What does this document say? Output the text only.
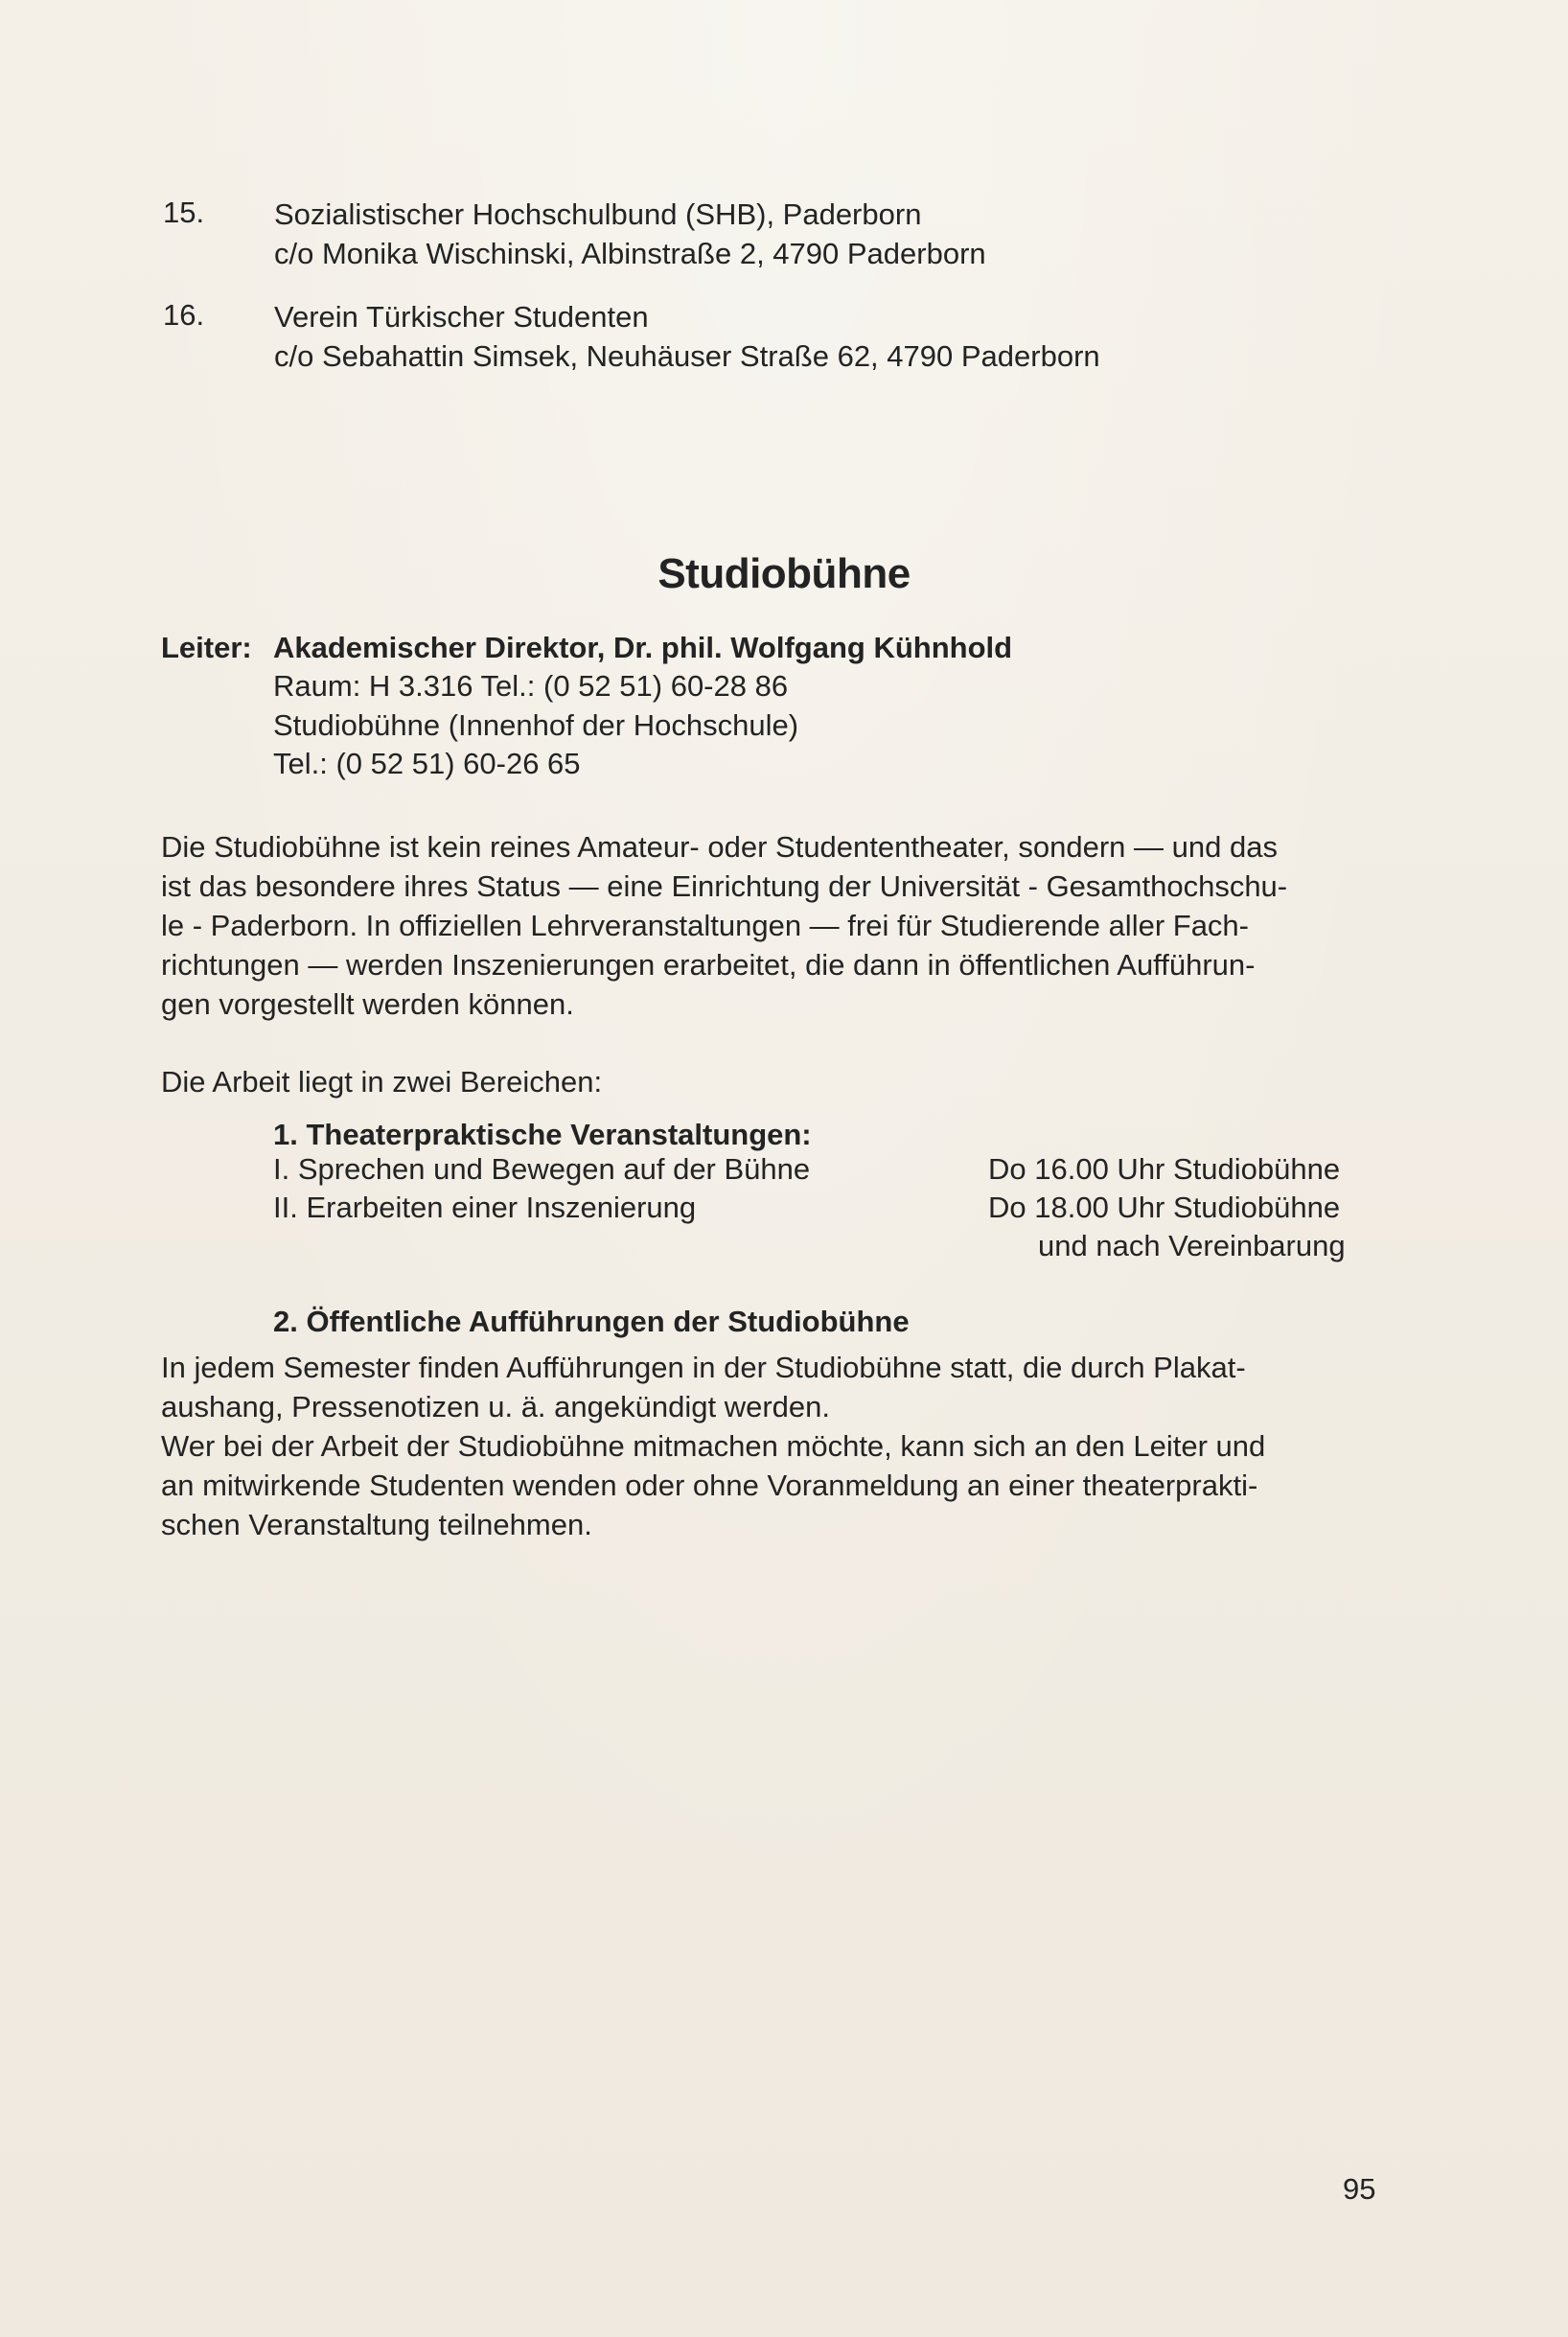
15. Sozialistischer Hochschulbund (SHB), Paderborn
c/o Monika Wischinski, Albinstraße 2, 4790 Paderborn
16. Verein Türkischer Studenten
c/o Sebahattin Simsek, Neuhäuser Straße 62, 4790 Paderborn
Studiobühne
Leiter: Akademischer Direktor, Dr. phil. Wolfgang Kühnhold
Raum: H 3.316 Tel.: (0 52 51) 60-28 86
Studiobühne (Innenhof der Hochschule)
Tel.: (0 52 51) 60-26 65
Die Studiobühne ist kein reines Amateur- oder Studententheater, sondern — und das
ist das besondere ihres Status — eine Einrichtung der Universität - Gesamthochschu-
le - Paderborn. In offiziellen Lehrveranstaltungen — frei für Studierende aller Fach-
richtungen — werden Inszenierungen erarbeitet, die dann in öffentlichen Aufführun-
gen vorgestellt werden können.
Die Arbeit liegt in zwei Bereichen:
1. Theaterpraktische Veranstaltungen:
I. Sprechen und Bewegen auf der Bühne	Do 16.00 Uhr Studiobühne
II. Erarbeiten einer Inszenierung	Do 18.00 Uhr Studiobühne
und nach Vereinbarung
2. Öffentliche Aufführungen der Studiobühne
In jedem Semester finden Aufführungen in der Studiobühne statt, die durch Plakat-
aushang, Pressenotizen u. ä. angekündigt werden.
Wer bei der Arbeit der Studiobühne mitmachen möchte, kann sich an den Leiter und
an mitwirkende Studenten wenden oder ohne Voranmeldung an einer theaterprakti-
schen Veranstaltung teilnehmen.
95
